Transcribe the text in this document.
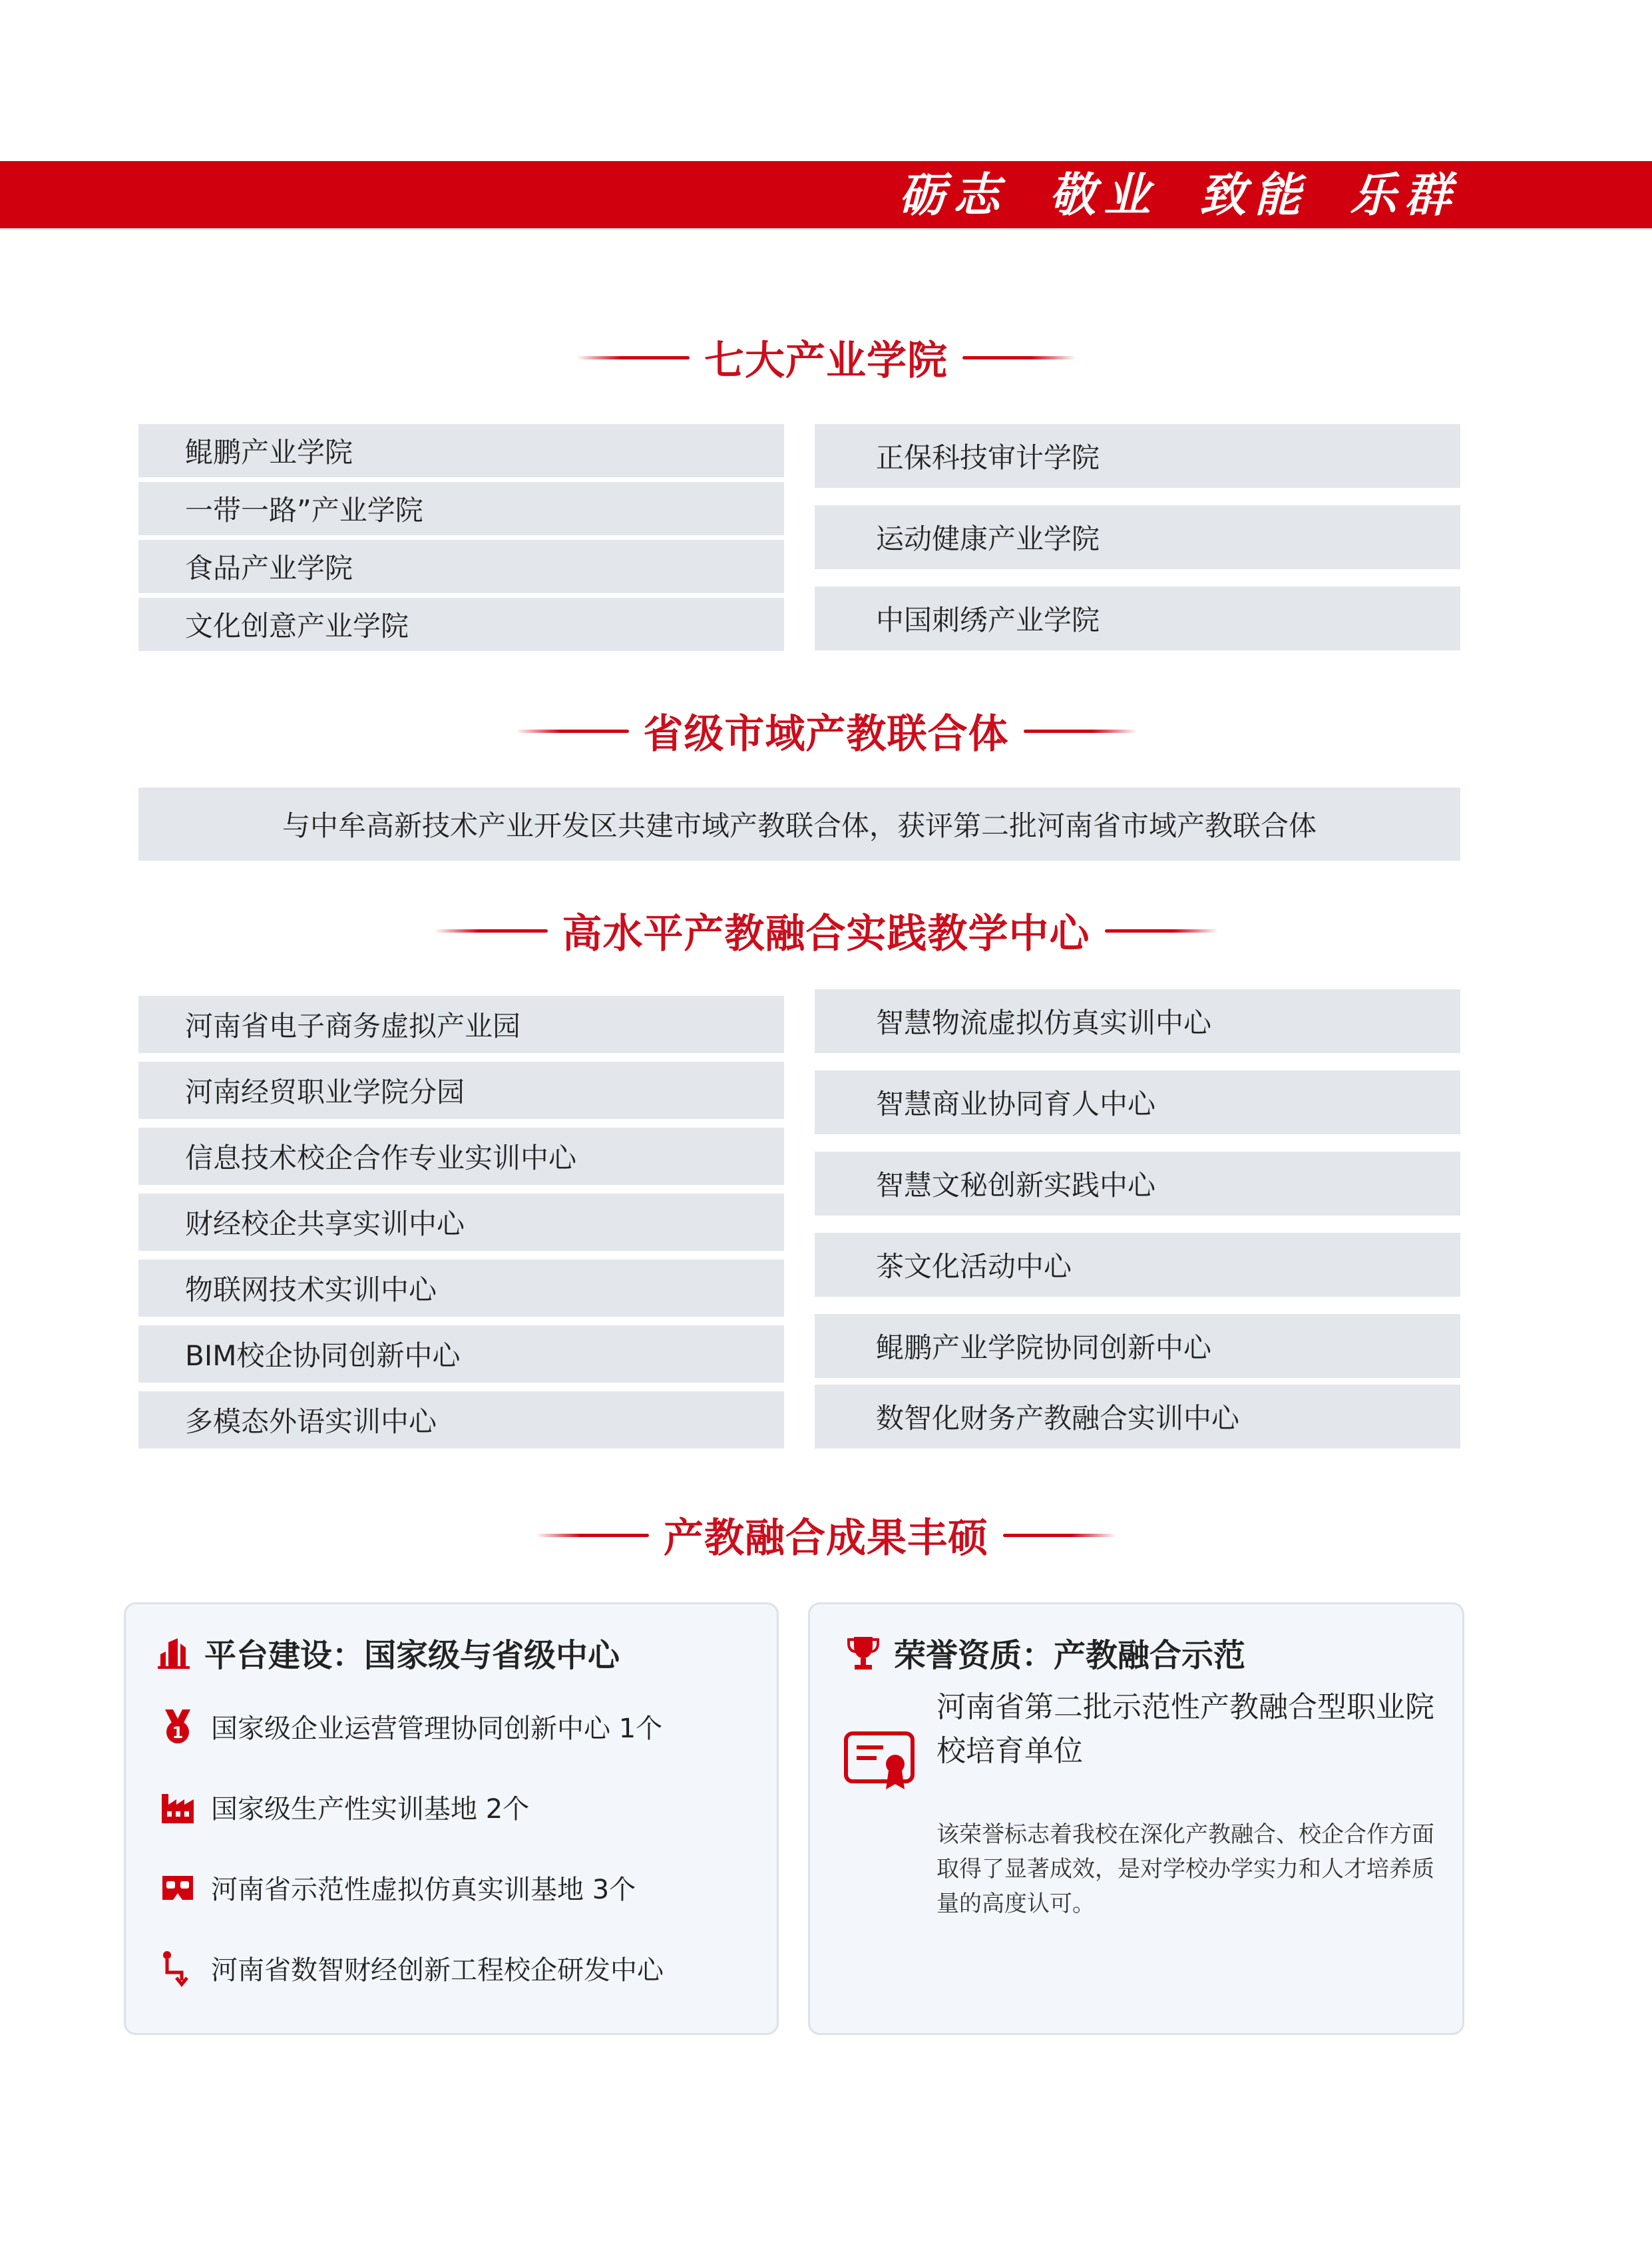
砺志 敬业 致能 乐群
七大产业学院
鲲鹏产业学院
一带一路”产业学院
食品产业学院
文化创意产业学院
正保科技审计学院
运动健康产业学院
中国刺绣产业学院
省级市域产教联合体
与中牟高新技术产业开发区共建市域产教联合体，获评第二批河南省市域产教联合体
高水平产教融合实践教学中心
河南省电子商务虚拟产业园
河南经贸职业学院分园
信息技术校企合作专业实训中心
财经校企共享实训中心
物联网技术实训中心
BIM校企协同创新中心
多模态外语实训中心
智慧物流虚拟仿真实训中心
智慧商业协同育人中心
智慧文秘创新实践中心
茶文化活动中心
鲲鹏产业学院协同创新中心
数智化财务产教融合实训中心
产教融合成果丰硕
平台建设：国家级与省级中心
1 国家级企业运营管理协同创新中心 1个
国家级生产性实训基地 2个
河南省示范性虚拟仿真实训基地 3个
河南省数智财经创新工程校企研发中心
荣誉资质：产教融合示范
河南省第二批示范性产教融合型职业院
校培育单位
该荣誉标志着我校在深化产教融合、校企合作方面
取得了显著成效，是对学校办学实力和人才培养质
量的高度认可。
